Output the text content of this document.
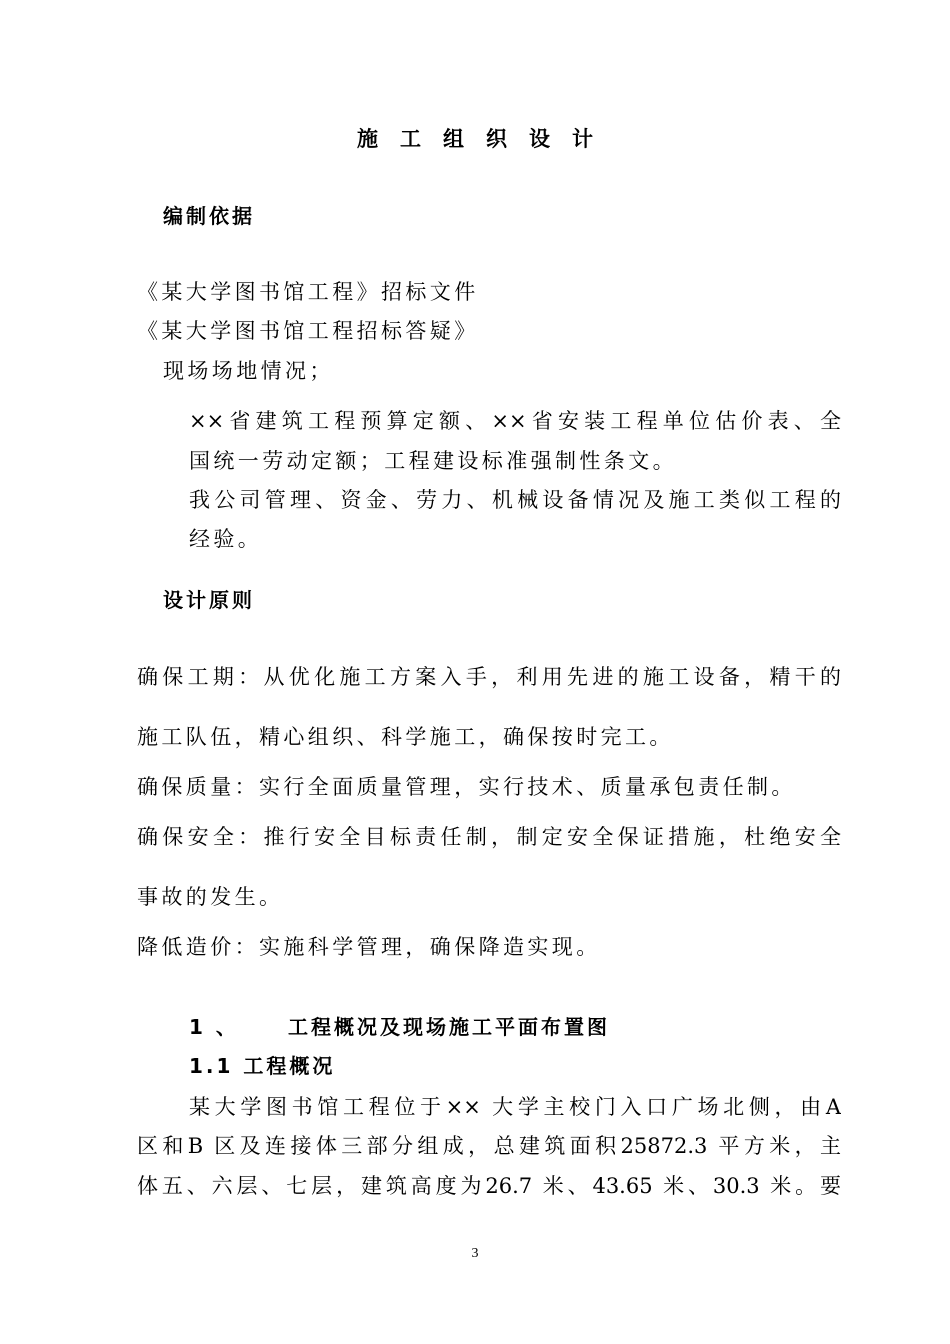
施工组织设计
编制依据
《某大学图书馆工程》招标文件
《某大学图书馆工程招标答疑》
现场场地情况；
××省建筑工程预算定额、××省安装工程单位估价表、全
国统一劳动定额；工程建设标准强制性条文。
我公司管理、资金、劳力、机械设备情况及施工类似工程的
经验。
设计原则
确保工期：从优化施工方案入手，利用先进的施工设备，精干的
施工队伍，精心组织、科学施工，确保按时完工。
确保质量：实行全面质量管理，实行技术、质量承包责任制。
确保安全：推行安全目标责任制，制定安全保证措施，杜绝安全
事故的发生。
降低造价：实施科学管理，确保降造实现。
1 、 工程概况及现场施工平面布置图
1.1 工程概况
某大学图书馆工程位于×× 大学主校门入口广场北侧，由A
区和B 区及连接体三部分组成，总建筑面积25872.3 平方米，主
体五、六层、七层，建筑高度为26.7 米、43.65 米、30.3 米。要
3
